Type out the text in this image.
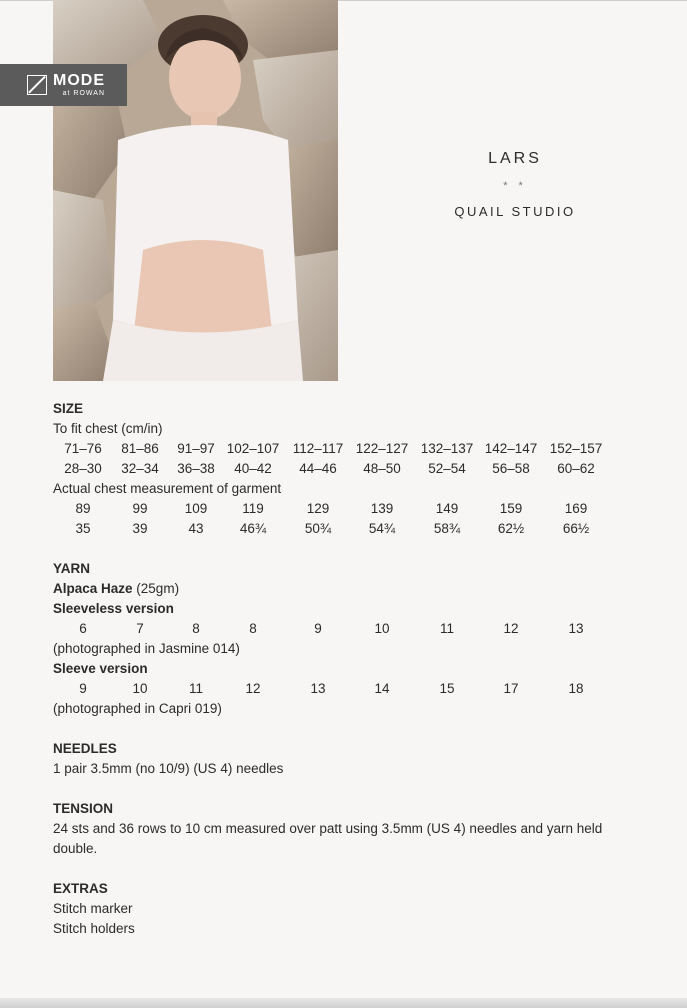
MODE
at ROWAN
LARS
* *
QUAIL STUDIO
SIZE
To fit chest (cm/in)
71–76	81–86	91–97 102–107 112–117 122–127 132–137 142–147 152–157
28–30	32–34	36–38	40–42	44–46	48–50	52–54	56–58	60–62
Actual chest measurement of garment
89	99	109	119	129	139	149	159	169
35	39	43	46¾	50¾	54¾	58¾	62½	66½
YARN
Alpaca Haze (25gm)
Sleeveless version
6	7	8	8	9	10	11	12	13
(photographed in Jasmine 014)
Sleeve version
9	10	11	12	13	14	15	17	18
(photographed in Capri 019)
NEEDLES
1 pair 3.5mm (no 10/9) (US 4) needles
TENSION
24 sts and 36 rows to 10 cm measured over patt using 3.5mm (US 4) needles and yarn held double.
EXTRAS
Stitch marker
Stitch holders
